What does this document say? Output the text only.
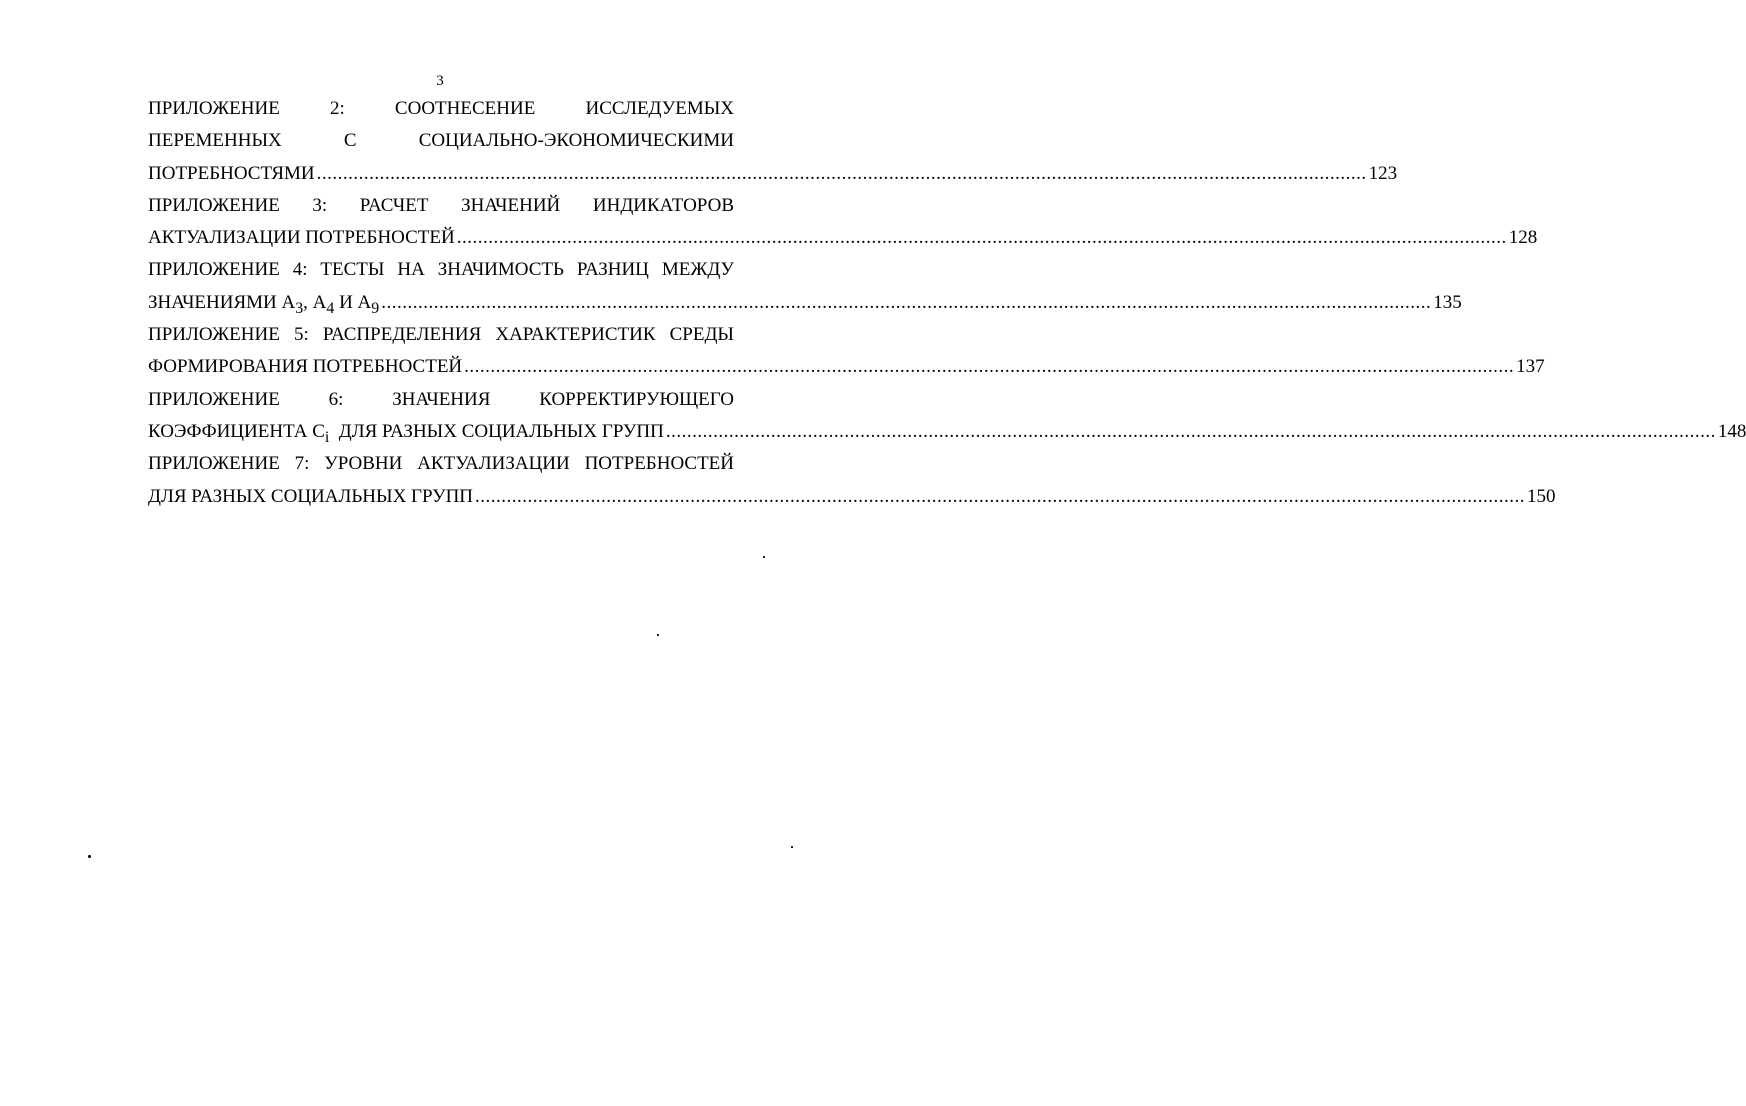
3
ПРИЛОЖЕНИЕ 2: СООТНЕСЕНИЕ ИССЛЕДУЕМЫХ
ПЕРЕМЕННЫХ С СОЦИАЛЬНО-ЭКОНОМИЧЕСКИМИ
ПОТРЕБНОСТЯМИ ........................................................................................................................................................................................................ 123
ПРИЛОЖЕНИЕ 3: РАСЧЕТ ЗНАЧЕНИЙ ИНДИКАТОРОВ
АКТУАЛИЗАЦИИ ПОТРЕБНОСТЕЙ ........................................................................................................................................................................................................ 128
ПРИЛОЖЕНИЕ 4: ТЕСТЫ НА ЗНАЧИМОСТЬ РАЗНИЦ МЕЖДУ
ЗНАЧЕНИЯМИ $А_3$, $А_4$ И $А_9$ ........................................................................................................................................................................................................ 135
ПРИЛОЖЕНИЕ 5: РАСПРЕДЕЛЕНИЯ ХАРАКТЕРИСТИК СРЕДЫ
ФОРМИРОВАНИЯ ПОТРЕБНОСТЕЙ ........................................................................................................................................................................................................ 137
ПРИЛОЖЕНИЕ 6: ЗНАЧЕНИЯ КОРРЕКТИРУЮЩЕГО
КОЭФФИЦИЕНТА $С_i$  ДЛЯ РАЗНЫХ СОЦИАЛЬНЫХ ГРУПП ........................................................................................................................................................................................................ 148
ПРИЛОЖЕНИЕ 7: УРОВНИ АКТУАЛИЗАЦИИ ПОТРЕБНОСТЕЙ
ДЛЯ РАЗНЫХ СОЦИАЛЬНЫХ ГРУПП ........................................................................................................................................................................................................ 150
